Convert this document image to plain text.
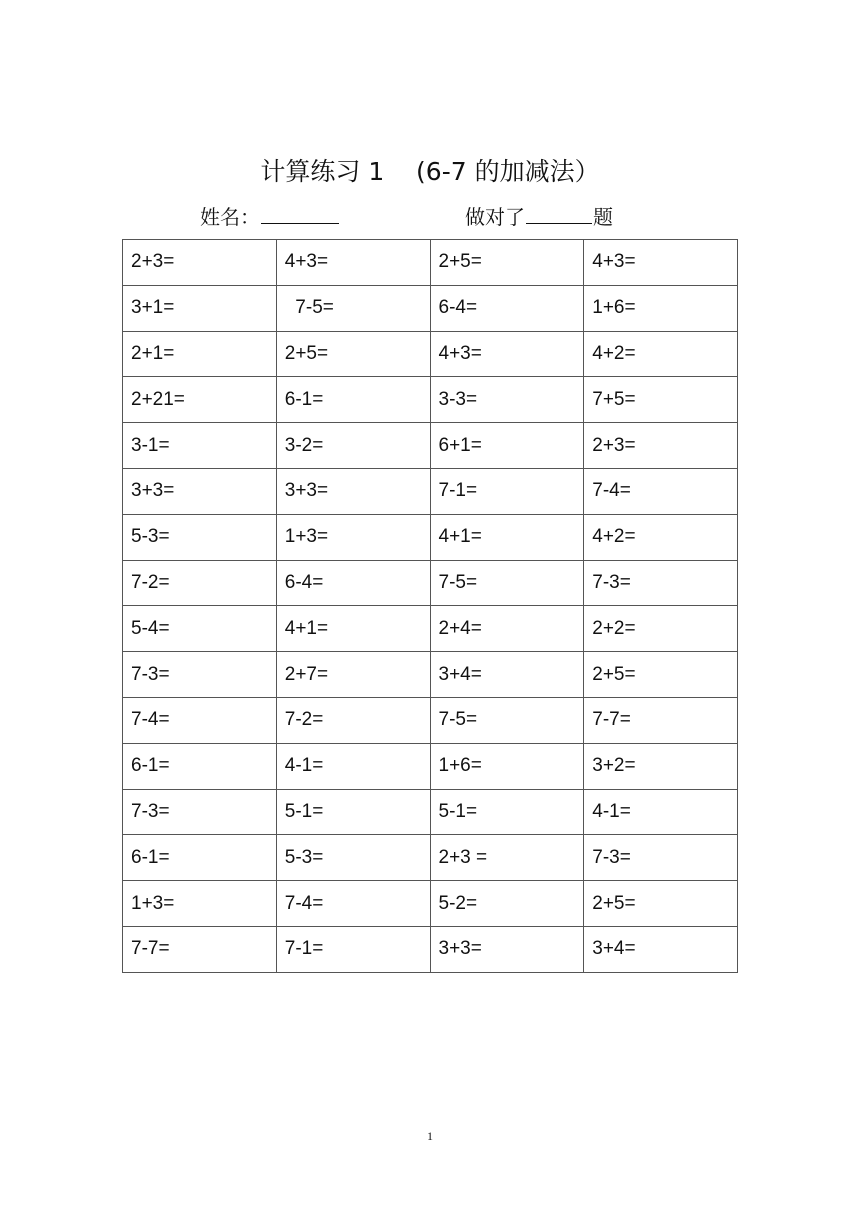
计算练习 1    (6-7 的加减法）
姓名：	做对了	题
2+3=	4+3=	2+5=	4+3=
3+1=	7-5=	6-4=	1+6=
2+1=	2+5=	4+3=	4+2=
2+21=	6-1=	3-3=	7+5=
3-1=	3-2=	6+1=	2+3=
3+3=	3+3=	7-1=	7-4=
5-3=	1+3=	4+1=	4+2=
7-2=	6-4=	7-5=	7-3=
5-4=	4+1=	2+4=	2+2=
7-3=	2+7=	3+4=	2+5=
7-4=	7-2=	7-5=	7-7=
6-1=	4-1=	1+6=	3+2=
7-3=	5-1=	5-1=	4-1=
6-1=	5-3=	2+3 =	7-3=
1+3=	7-4=	5-2=	2+5=
7-7=	7-1=	3+3=	3+4=
1
